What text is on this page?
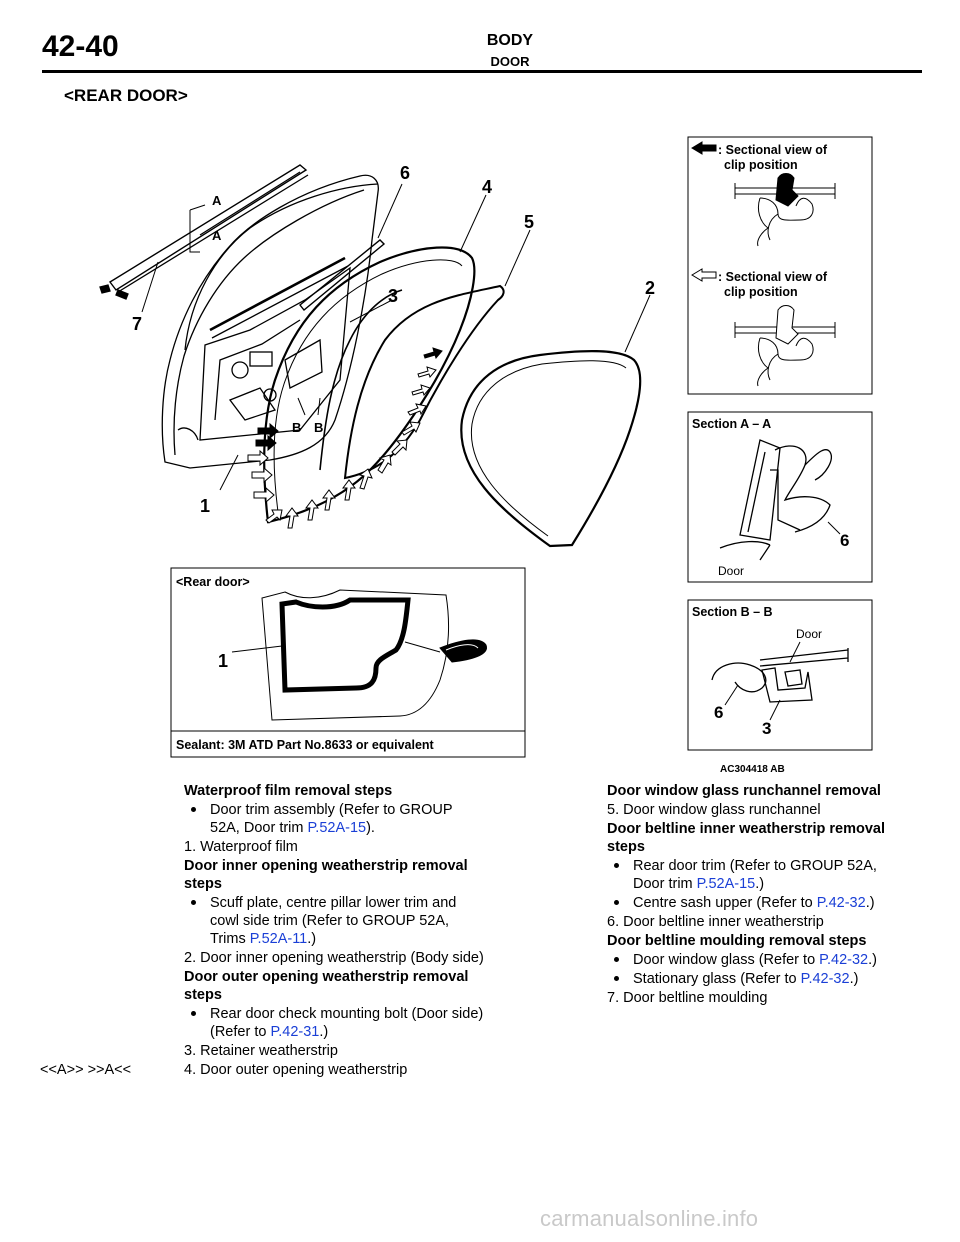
42-40	BODY
DOOR
<REAR DOOR>
A
A
B B
1
2
3
4
5
6
7
: Sectional view of
clip position
: Sectional view of
clip position
Section A – A
6
Door
Section B – B
Door
6
3
<Rear door>
1
Sealant: 3M ATD Part No.8633 or equivalent
AC304418 AB
Waterproof film removal steps
Door trim assembly (Refer to GROUP 52A, Door trim P.52A-15).
1. Waterproof film
Door inner opening weatherstrip removal steps
Scuff plate, centre pillar lower trim and cowl side trim (Refer to GROUP 52A, Trims P.52A-11.)
2. Door inner opening weatherstrip (Body side)
Door outer opening weatherstrip removal steps
Rear door check mounting bolt (Door side) (Refer to P.42-31.)
3. Retainer weatherstrip
<<A>> >>A<<	4. Door outer opening weatherstrip
Door window glass runchannel removal
5. Door window glass runchannel
Door beltline inner weatherstrip removal steps
Rear door trim (Refer to GROUP 52A, Door trim P.52A-15.)
Centre sash upper (Refer to P.42-32.)
6. Door beltline inner weatherstrip
Door beltline moulding removal steps
Door window glass (Refer to P.42-32.)
Stationary glass (Refer to P.42-32.)
7. Door beltline moulding
carmanualsonline.info
